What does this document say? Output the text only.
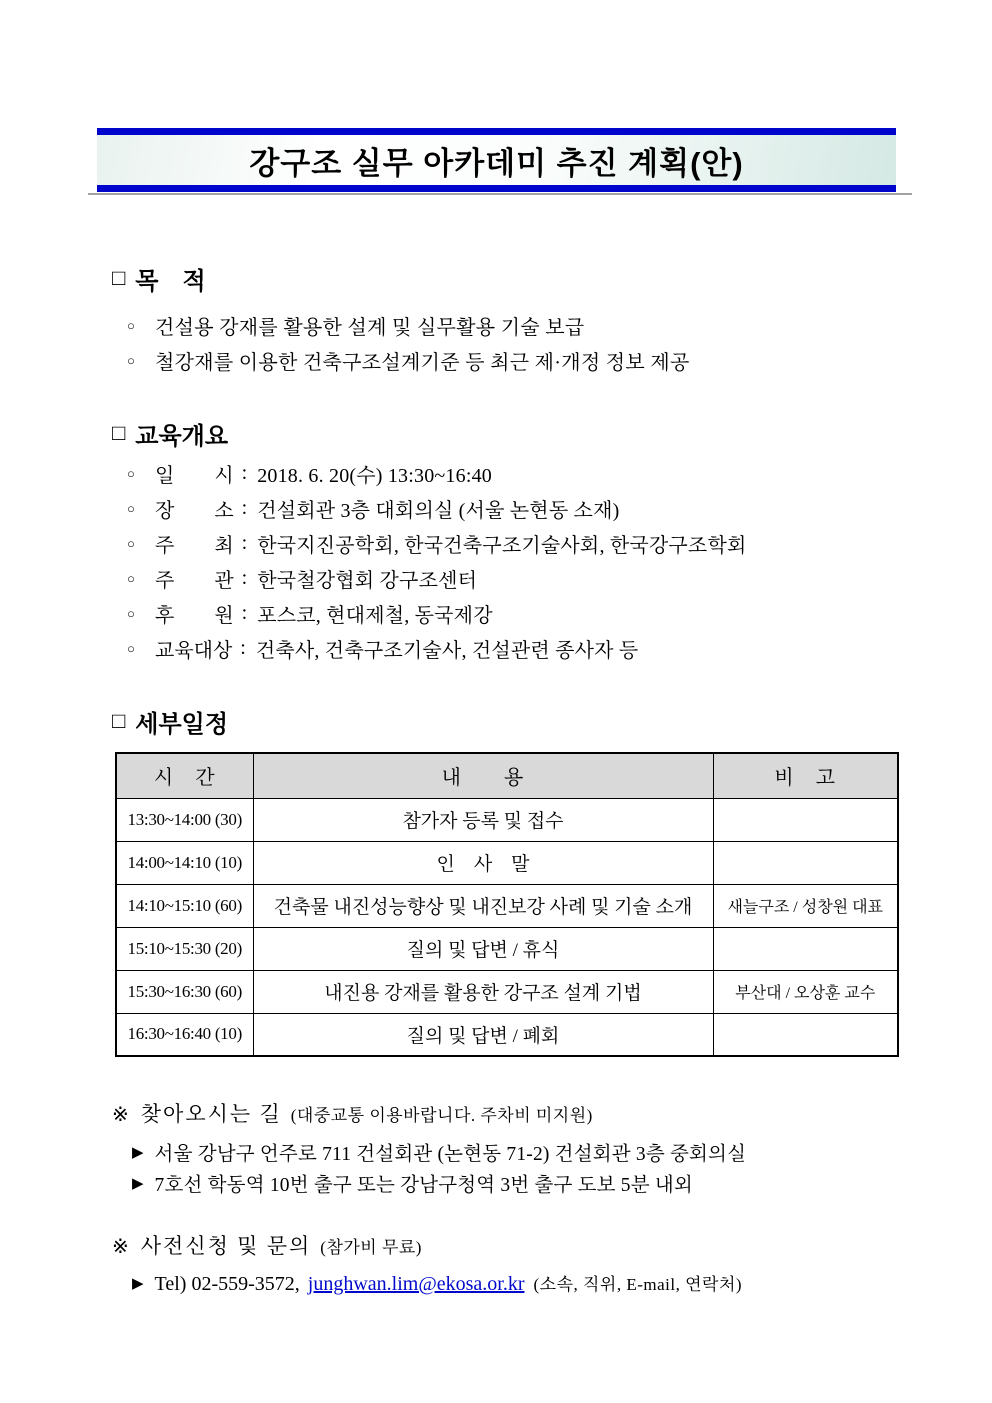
강구조 실무 아카데미 추진 계획(안)
□ 목　적
○	건설용 강재를 활용한 설계 및 실무활용 기술 보급
○	철강재를 이용한 건축구조설계기준 등 최근 제·개정 정보 제공
□ 교육개요
○	일　　시 : 2018. 6. 20(수) 13:30~16:40
○	장　　소 : 건설회관 3층 대회의실 (서울 논현동 소재)
○	주　　최 : 한국지진공학회, 한국건축구조기술사회, 한국강구조학회
○	주　　관 : 한국철강협회 강구조센터
○	후　　원 : 포스코, 현대제철, 동국제강
○	교육대상 : 건축사, 건축구조기술사, 건설관련 종사자 등
□ 세부일정
시　간	내　　용	비　고
13:30~14:00 (30)	참가자 등록 및 접수	
14:00~14:10 (10)	인　사　말	
14:10~15:10 (60)	건축물 내진성능향상 및 내진보강 사례 및 기술 소개	새늘구조 / 성창원 대표
15:10~15:30 (20)	질의 및 답변 / 휴식	
15:30~16:30 (60)	내진용 강재를 활용한 강구조 설계 기법	부산대 / 오상훈 교수
16:30~16:40 (10)	질의 및 답변 / 폐회	
※ 찾아오시는 길 (대중교통 이용바랍니다. 주차비 미지원)
▶ 서울 강남구 언주로 711 건설회관 (논현동 71-2) 건설회관 3층 중회의실
▶ 7호선 학동역 10번 출구 또는 강남구청역 3번 출구 도보 5분 내외
※ 사전신청 및 문의 (참가비 무료)
▶ Tel) 02-559-3572, junghwan.lim@ekosa.or.kr (소속, 직위, E-mail, 연락처)
